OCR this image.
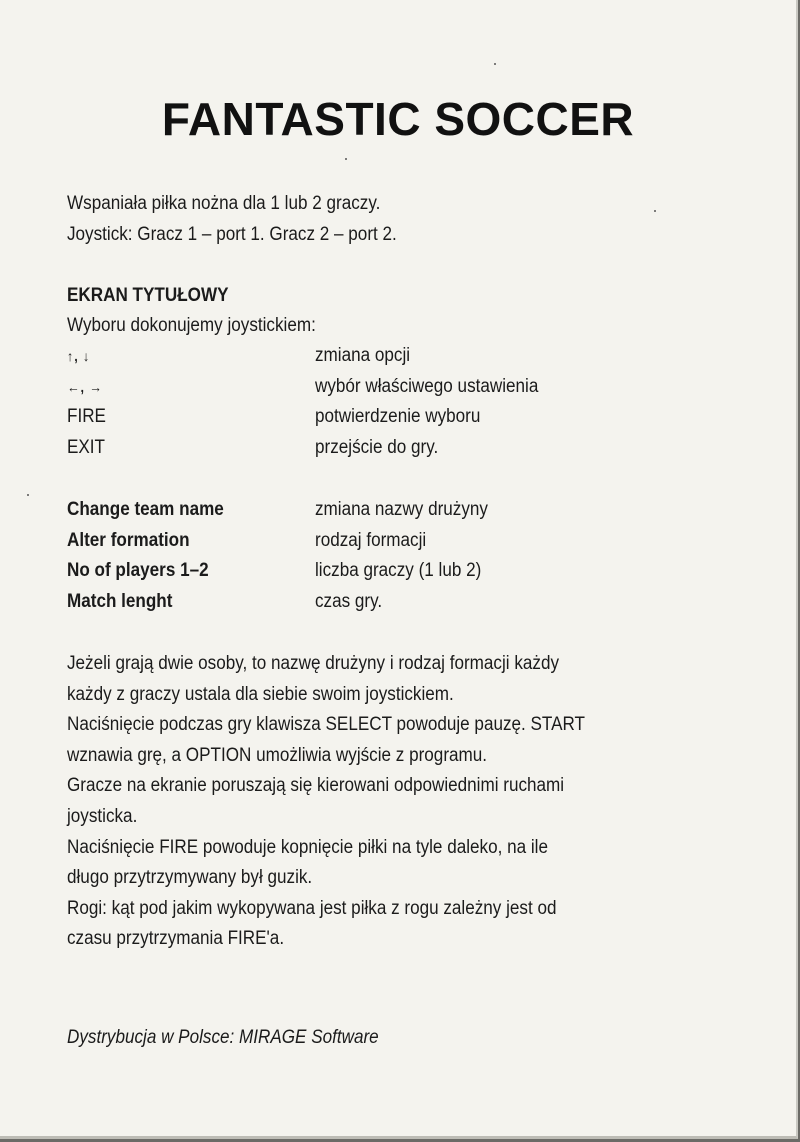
FANTASTIC SOCCER
Wspaniała piłka nożna dla 1 lub 2 graczy.
Joystick: Gracz 1 – port 1. Gracz 2 – port 2.
EKRAN TYTUŁOWY
Wyboru dokonujemy joystickiem:
↑, ↓	zmiana opcji
←, →	wybór właściwego ustawienia
FIRE	potwierdzenie wyboru
EXIT	przejście do gry.
Change team name	zmiana nazwy drużyny
Alter formation	rodzaj formacji
No of players 1–2	liczba graczy (1 lub 2)
Match lenght	czas gry.

Jeżeli grają dwie osoby, to nazwę drużyny i rodzaj formacji każdy

każdy z graczy ustala dla siebie swoim joystickiem.

Naciśnięcie podczas gry klawisza SELECT powoduje pauzę. START

wznawia grę, a OPTION umożliwia wyjście z programu.

Gracze na ekranie poruszają się kierowani odpowiednimi ruchami

joysticka.

Naciśnięcie FIRE powoduje kopnięcie piłki na tyle daleko, na ile

długo przytrzymywany był guzik.

Rogi: kąt pod jakim wykopywana jest piłka z rogu zależny jest od

czasu przytrzymania FIRE'a.

Dystrybucja w Polsce: MIRAGE Software
